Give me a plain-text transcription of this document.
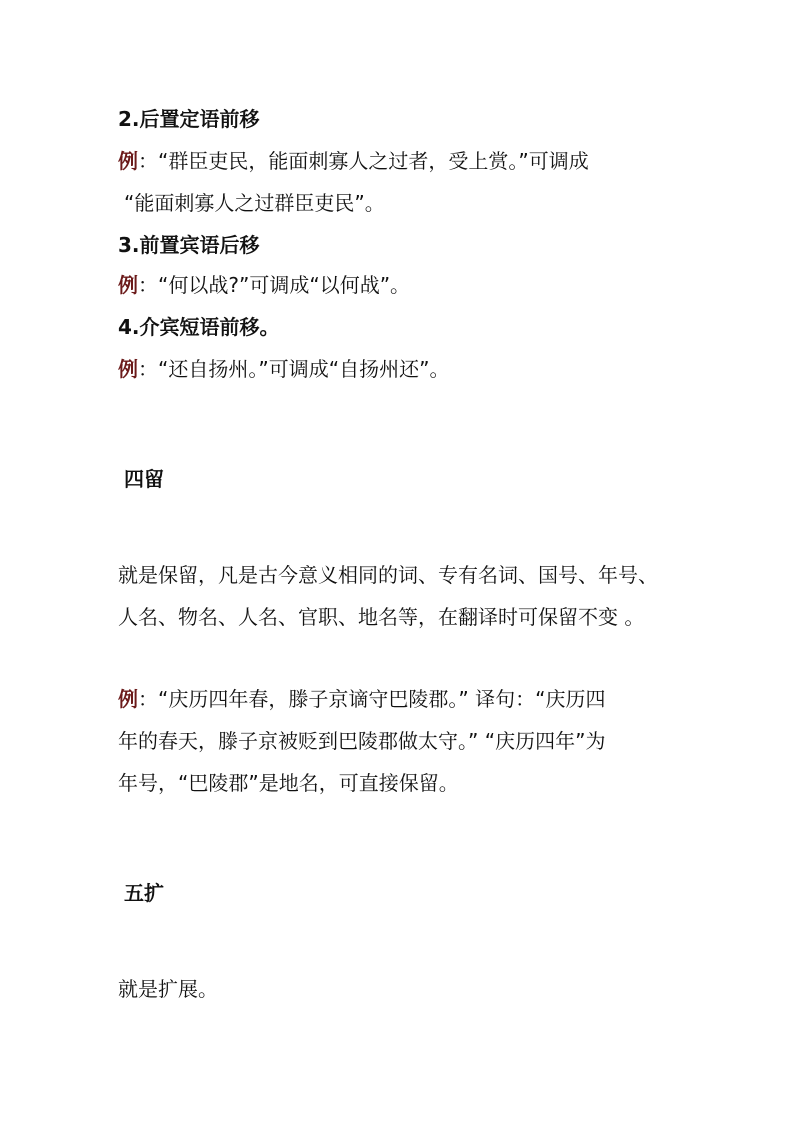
2.后置定语前移
例：“群臣吏民，能面刺寡人之过者，受上赏。”可调成
“能面刺寡人之过群臣吏民”。
3.前置宾语后移
例：“何以战?”可调成“以何战”。
4.介宾短语前移。
例：“还自扬州。”可调成“自扬州还”。
四留
就是保留，凡是古今意义相同的词、专有名词、国号、年号、
人名、物名、人名、官职、地名等，在翻译时可保留不变 。
例：“庆历四年春，滕子京谪守巴陵郡。” 译句：“庆历四
年的春天，滕子京被贬到巴陵郡做太守。” “庆历四年”为
年号，“巴陵郡”是地名，可直接保留。
五扩
就是扩展。
